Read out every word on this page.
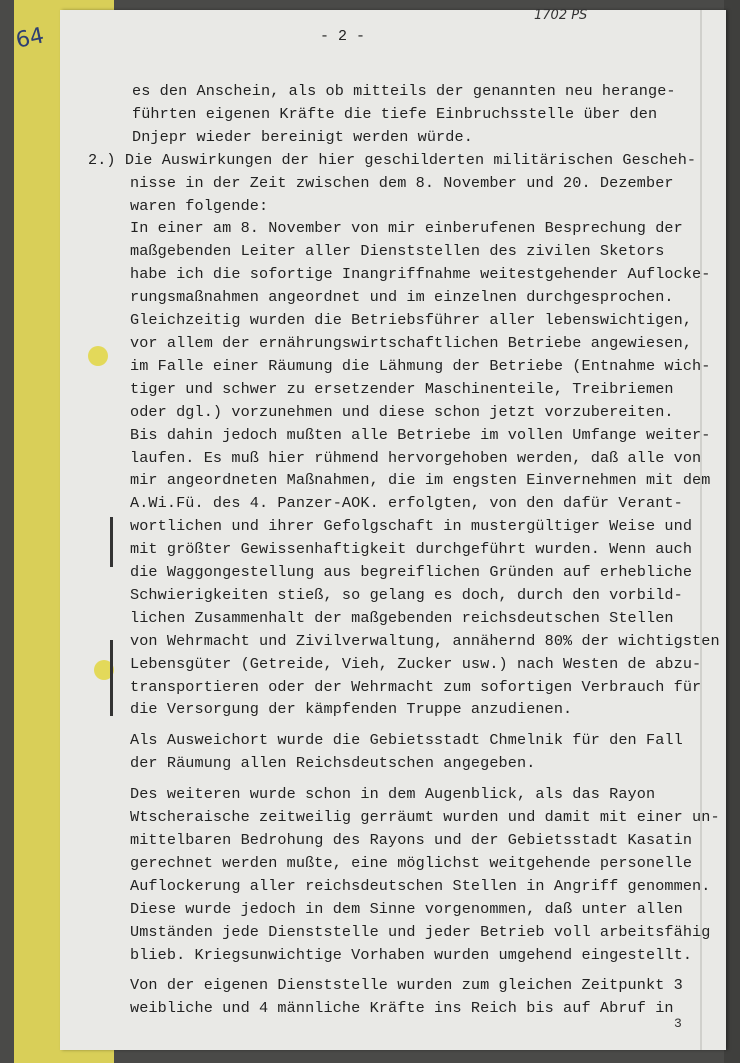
64
1702 PS
- 2 -
es den Anschein, als ob mitteils der genannten neu herange-
führten eigenen Kräfte die tiefe Einbruchsstelle über den
Dnjepr wieder bereinigt werden würde.
2.) Die Auswirkungen der hier geschilderten militärischen Gescheh-
nisse in der Zeit zwischen dem 8. November und 20. Dezember
waren folgende:
In einer am 8. November von mir einberufenen Besprechung der
maßgebenden Leiter aller Dienststellen des zivilen Sketors
habe ich die sofortige Inangriffnahme weitestgehender Auflocke-
rungsmaßnahmen angeordnet und im einzelnen durchgesprochen.
Gleichzeitig wurden die Betriebsführer aller lebenswichtigen,
vor allem der ernährungswirtschaftlichen Betriebe angewiesen,
im Falle einer Räumung die Lähmung der Betriebe (Entnahme wich-
tiger und schwer zu ersetzender Maschinenteile, Treibriemen
oder dgl.) vorzunehmen und diese schon jetzt vorzubereiten.
Bis dahin jedoch mußten alle Betriebe im vollen Umfange weiter-
laufen. Es muß hier rühmend hervorgehoben werden, daß alle von
mir angeordneten Maßnahmen, die im engsten Einvernehmen mit dem
A.Wi.Fü. des 4. Panzer-AOK. erfolgten, von den dafür Verant-
wortlichen und ihrer Gefolgschaft in mustergültiger Weise und
mit größter Gewissenhaftigkeit durchgeführt wurden. Wenn auch
die Waggongestellung aus begreiflichen Gründen auf erhebliche
Schwierigkeiten stieß, so gelang es doch, durch den vorbild-
lichen Zusammenhalt der maßgebenden reichsdeutschen Stellen
von Wehrmacht und Zivilverwaltung, annähernd 80% der wichtigsten
Lebensgüter (Getreide, Vieh, Zucker usw.) nach Westen de abzu-
transportieren oder der Wehrmacht zum sofortigen Verbrauch für
die Versorgung der kämpfenden Truppe anzudienen.
Als Ausweichort wurde die Gebietsstadt Chmelnik für den Fall
der Räumung allen Reichsdeutschen angegeben.
Des weiteren wurde schon in dem Augenblick, als das Rayon
Wtscheraische zeitweilig gerräumt wurden und damit mit einer un-
mittelbaren Bedrohung des Rayons und der Gebietsstadt Kasatin
gerechnet werden mußte, eine möglichst weitgehende personelle
Auflockerung aller reichsdeutschen Stellen in Angriff genommen.
Diese wurde jedoch in dem Sinne vorgenommen, daß unter allen
Umständen jede Dienststelle und jeder Betrieb voll arbeitsfähig
blieb. Kriegsunwichtige Vorhaben wurden umgehend eingestellt.
Von der eigenen Dienststelle wurden zum gleichen Zeitpunkt 3
weibliche und 4 männliche Kräfte ins Reich bis auf Abruf in
3
